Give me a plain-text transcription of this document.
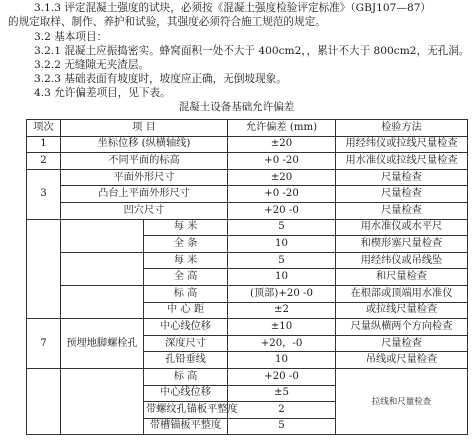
3.1.3 评定混凝土强度的试块，必须按《混凝土强度检验评定标准》（GBJ107—87）
的规定取样、制作、养护和试验，其强度必须符合施工规范的规定。
3.2 基本项目：
3.2.1 混凝土应振捣密实。蜂窝面积一处不大于 400cm2，，累计不大于 800cm2，无孔洞。
3.2.2 无缝隙无夹渣层。
3.2.3 基础表面有坡度时，坡度应正确，无倒坡现象。
4.3 允许偏差项目，见下表。
混凝土设备基础允许偏差
项次	项 目		允许偏差 (mm)	检验方法
1	坐标位移 (纵横轴线)		±20	用经纬仪或拉线尺量检查
2	不同平面的标高		+0 -20	用水准仪或拉线尺量检查
3	平面外形尺寸		±20	尺量检查
	凸台上平面外形尺寸		+0 -20	尺量检查
	凹穴尺寸		+20 -0	尺量检查
		每 米	5	用水准仪或水平尺
		全 条	10	和楔形塞尺量检查
		每 米	5	用经纬仪或吊线坠
		全 高	10	和尺量检查
		标 高	(顶部)+20 -0	在根部或顶端用水准仪
		中 心 距	±2	或拉线尺量检查
7	预埋地脚螺栓孔	中心线位移	±10	尺量纵横两个方向检查
		深度尺寸	+20，-0	尺量检查
		孔铅垂线	10	吊线或尺量检查
		标 高	+20 -0	拉线和尺量检查
		中心线位移	±5	
		带螺纹孔锚板平整度	2	
		带槽锚板平整度	5	
